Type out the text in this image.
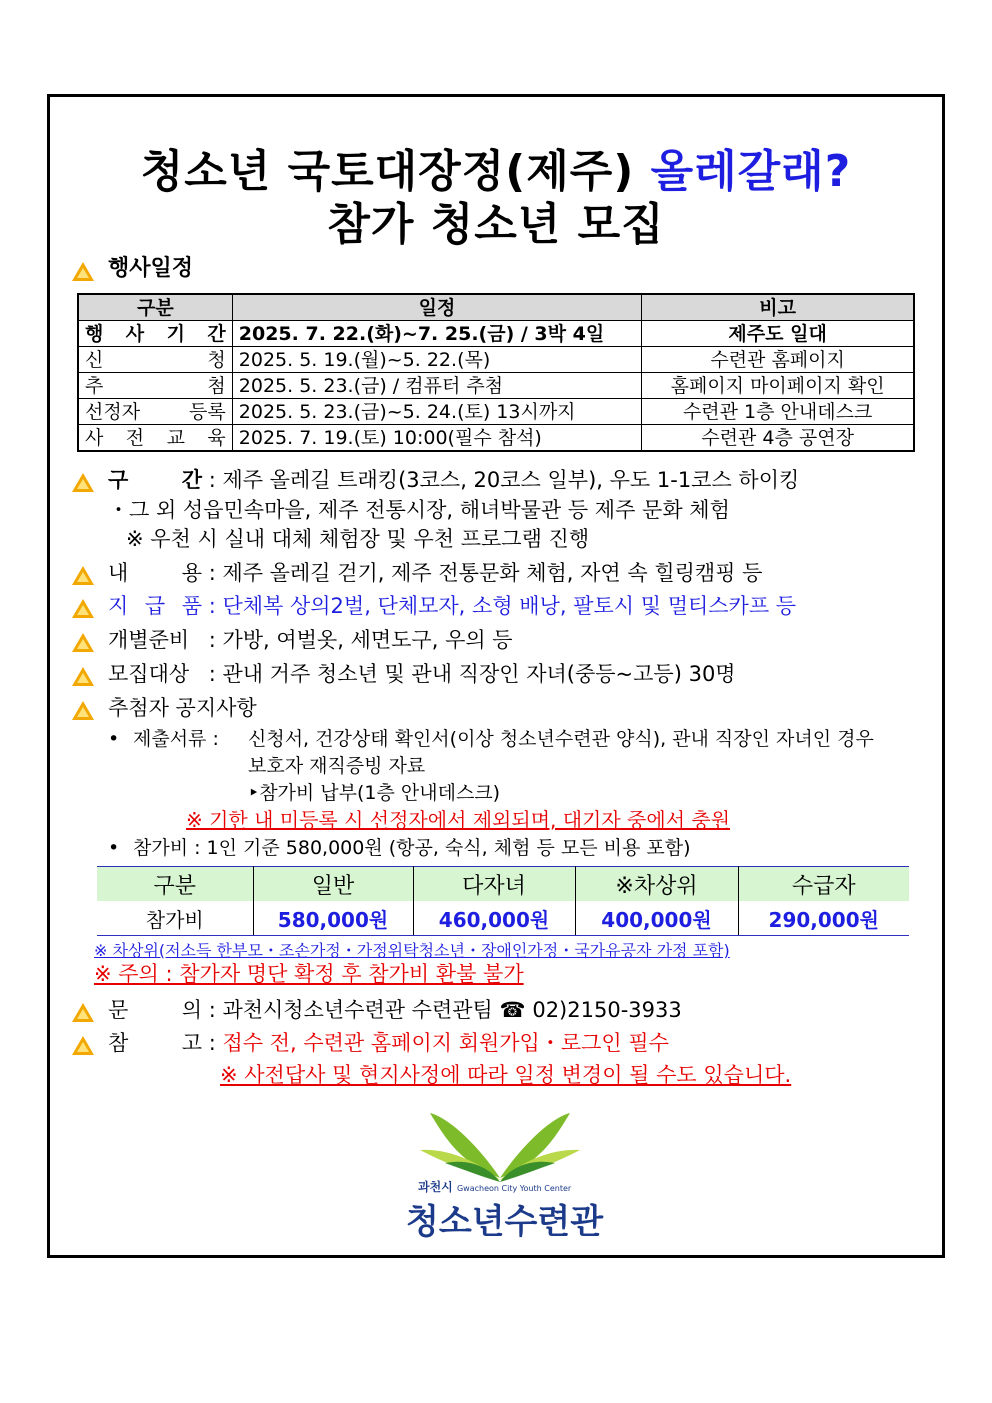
청소년 국토대장정(제주) 올레갈래?
참가 청소년 모집
행사일정
구분	일정	비고
행 사 기 간	2025. 7. 22.(화)~7. 25.(금) / 3박 4일	제주도 일대
신 청	2025. 5. 19.(월)~5. 22.(목)	수련관 홈페이지
추 첨	2025. 5. 23.(금) / 컴퓨터 추첨	홈페이지 마이페이지 확인
선정자 등록	2025. 5. 23.(금)~5. 24.(토) 13시까지	수련관 1층 안내데스크
사 전 교 육	2025. 7. 19.(토) 10:00(필수 참석)	수련관 4층 공연장
구 간 : 제주 올레길 트래킹(3코스, 20코스 일부), 우도 1-1코스 하이킹
・그 외 성읍민속마을, 제주 전통시장, 해녀박물관 등 제주 문화 체험
※ 우천 시 실내 대체 체험장 및 우천 프로그램 진행
내 용 : 제주 올레길 걷기, 제주 전통문화 체험, 자연 속 힐링캠핑 등
지 급 품 : 단체복 상의2벌, 단체모자, 소형 배낭, 팔토시 및 멀티스카프 등
개별준비 : 가방, 여벌옷, 세면도구, 우의 등
모집대상 : 관내 거주 청소년 및 관내 직장인 자녀(중등~고등) 30명
추첨자 공지사항
• 제출서류 : 신청서, 건강상태 확인서(이상 청소년수련관 양식), 관내 직장인 자녀인 경우
보호자 재직증빙 자료
‣참가비 납부(1층 안내데스크)
※ 기한 내 미등록 시 선정자에서 제외되며, 대기자 중에서 충원
• 참가비 : 1인 기준 580,000원 (항공, 숙식, 체험 등 모든 비용 포함)
구분	일반	다자녀	※차상위	수급자
참가비	580,000원	460,000원	400,000원	290,000원
※ 차상위(저소득 한부모・조손가정・가정위탁청소년・장애인가정・국가유공자 가정 포함)
※ 주의 : 참가자 명단 확정 후 참가비 환불 불가
문 의 : 과천시청소년수련관 수련관팀 ☎ 02)2150-3933
참 고 : 접수 전, 수련관 홈페이지 회원가입・로그인 필수
※ 사전답사 및 현지사정에 따라 일정 변경이 될 수도 있습니다.
과천시 Gwacheon City Youth Center
청소년수련관
